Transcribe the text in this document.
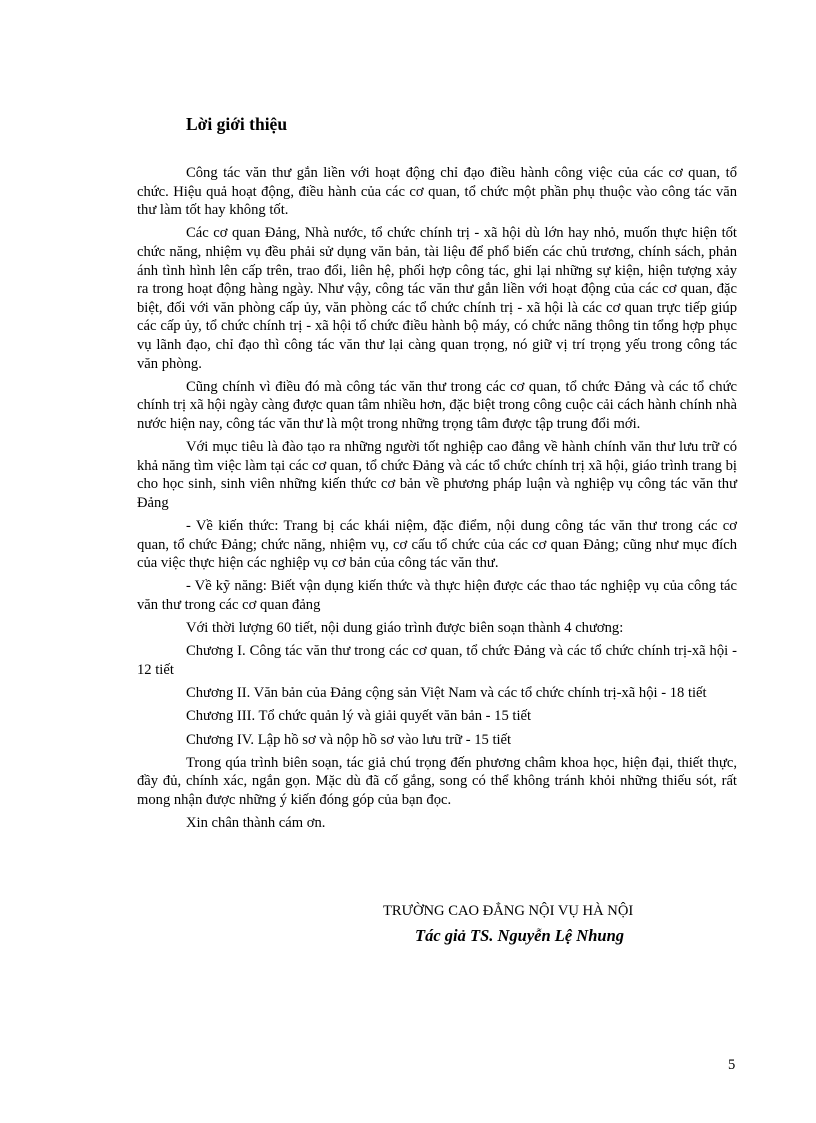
Lời giới thiệu

Công tác văn thư gắn liền với hoạt động chỉ đạo điều hành công việc của các cơ quan, tổ chức. Hiệu quả hoạt động, điều hành của các cơ quan, tổ chức một phần phụ thuộc vào công tác văn thư làm tốt hay không tốt.

Các cơ quan Đảng, Nhà nước, tổ chức chính trị - xã hội dù lớn hay nhỏ, muốn thực hiện tốt chức năng, nhiệm vụ đều phải sử dụng văn bản, tài liệu để phổ biến các chủ trương, chính sách, phản ánh tình hình lên cấp trên, trao đổi, liên hệ, phối hợp công tác, ghi lại những sự kiện, hiện tượng xảy ra trong hoạt động hàng ngày. Như vậy, công tác văn thư gắn liền với hoạt động của các cơ quan, đặc biệt, đối với văn phòng cấp ủy, văn phòng các tổ chức chính trị - xã hội là các cơ quan trực tiếp giúp các cấp ủy, tổ chức chính trị - xã hội tổ chức điều hành bộ máy, có chức năng thông tin tổng hợp phục vụ lãnh đạo, chỉ đạo thì công tác văn thư lại càng quan trọng, nó giữ vị trí trọng yếu trong công tác văn phòng.

Cũng chính vì điều đó mà công tác văn thư trong các cơ quan, tổ chức Đảng và các tổ chức chính trị xã hội ngày càng được quan tâm nhiều hơn, đặc biệt trong công cuộc cải cách hành chính nhà nước hiện nay, công tác văn thư là một trong những trọng tâm được tập trung đổi mới.

Với mục tiêu là đào tạo ra những người tốt nghiệp cao đẳng về hành chính văn thư lưu trữ có khả năng tìm việc làm tại các cơ quan, tổ chức Đảng và các tổ chức chính trị xã hội, giáo trình trang bị cho học sinh, sinh viên những kiến thức cơ bản về phương pháp luận và nghiệp vụ công tác văn thư Đảng

- Về kiến thức: Trang bị các khái niệm, đặc điểm, nội dung công tác văn thư trong các cơ quan, tổ chức Đảng; chức năng, nhiệm vụ, cơ cấu tổ chức của các cơ quan Đảng; cũng như mục đích của việc thực hiện các nghiệp vụ cơ bản của công tác văn thư.

- Về kỹ năng: Biết vận dụng kiến thức và thực hiện được các thao tác nghiệp vụ của công tác văn thư trong các cơ quan đảng

Với thời lượng 60 tiết, nội dung giáo trình được biên soạn thành 4 chương:

Chương I. Công tác văn thư trong các cơ quan, tổ chức Đảng và các tổ chức chính trị-xã hội - 12 tiết

Chương II. Văn bản của Đảng cộng sản Việt Nam và các tổ chức chính trị-xã hội - 18 tiết

Chương III. Tổ chức quản lý và giải quyết văn bản - 15 tiết

Chương IV. Lập hồ sơ và nộp hồ sơ vào lưu trữ - 15 tiết

Trong qúa trình biên soạn, tác giả chú trọng đến phương châm khoa học, hiện đại, thiết thực, đầy đủ, chính xác, ngắn gọn. Mặc dù đã cố gắng, song có thể không tránh khỏi những thiếu sót, rất mong nhận được những ý kiến đóng góp của bạn đọc.

Xin chân thành cám ơn.

TRƯỜNG CAO ĐẲNG NỘI VỤ HÀ NỘI

Tác giả TS. Nguyễn Lệ Nhung

5
